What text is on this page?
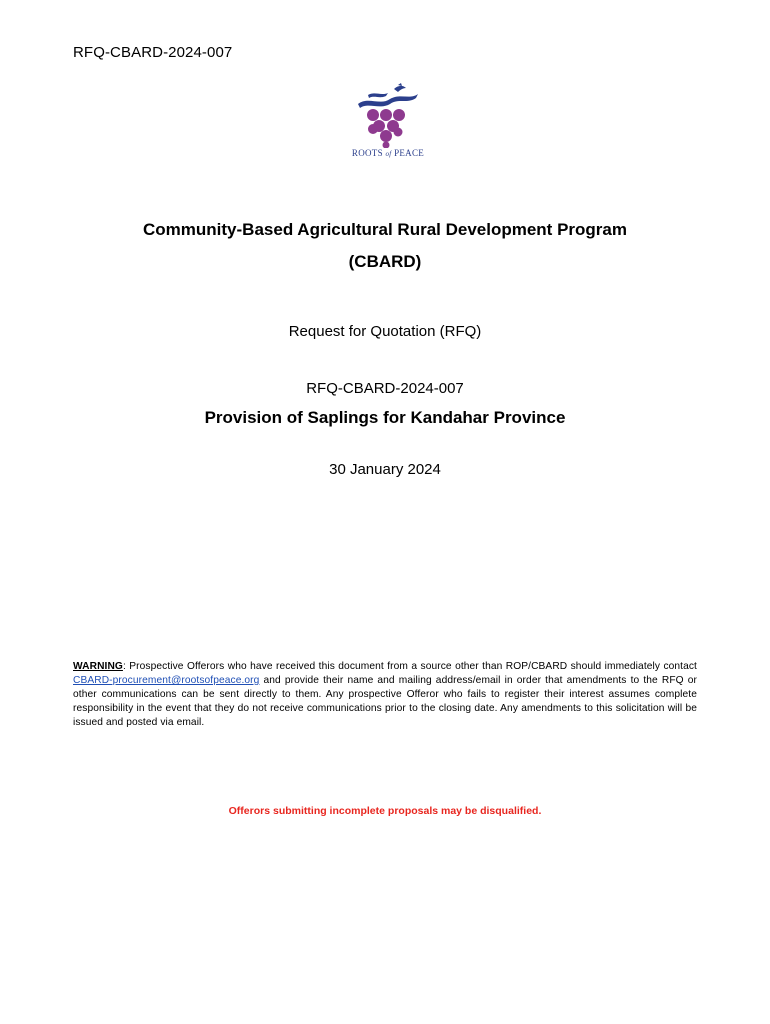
RFQ-CBARD-2024-007
ROOTS of PEACE
Community-Based Agricultural Rural Development Program
(CBARD)
Request for Quotation (RFQ)
RFQ-CBARD-2024-007
Provision of Saplings for Kandahar Province
30 January 2024
WARNING: Prospective Offerors who have received this document from a source other than ROP/CBARD should immediately contact CBARD-procurement@rootsofpeace.org and provide their name and mailing address/email in order that amendments to the RFQ or other communications can be sent directly to them. Any prospective Offeror who fails to register their interest assumes complete responsibility in the event that they do not receive communications prior to the closing date. Any amendments to this solicitation will be issued and posted via email.
Offerors submitting incomplete proposals may be disqualified.
